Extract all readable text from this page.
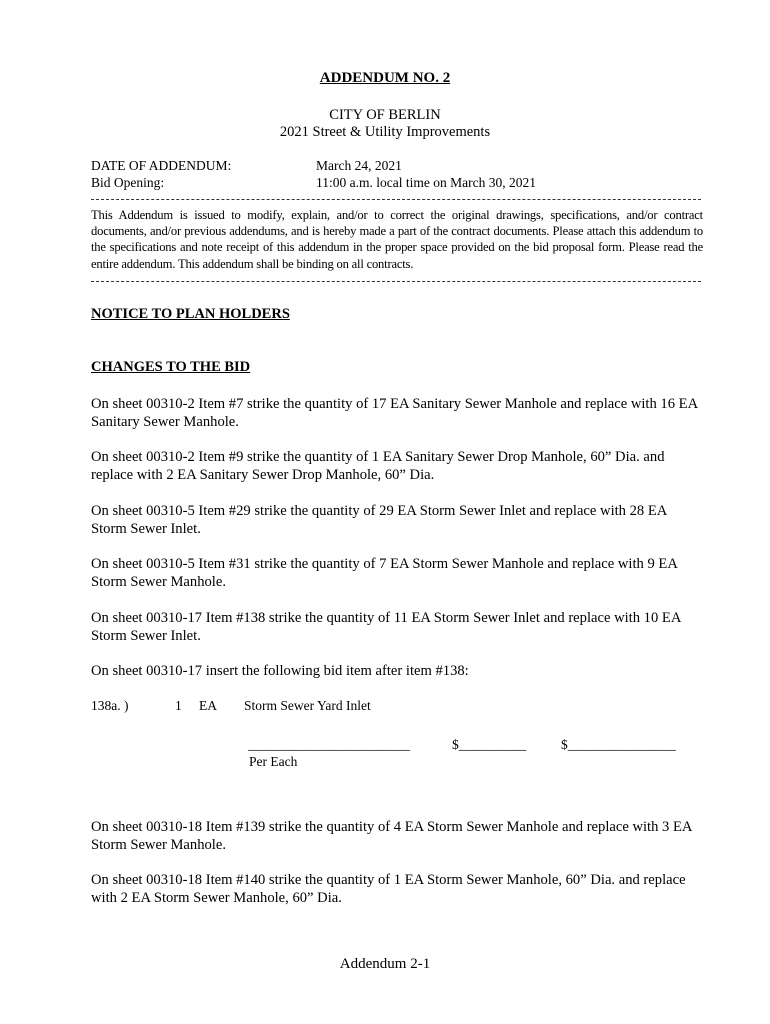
ADDENDUM NO. 2
CITY OF BERLIN
2021 Street & Utility Improvements
DATE OF ADDENDUM:	March 24, 2021
Bid Opening:	11:00 a.m. local time on March 30, 2021
This Addendum is issued to modify, explain, and/or to correct the original drawings, specifications, and/or contract documents, and/or previous addendums, and is hereby made a part of the contract documents. Please attach this addendum to the specifications and note receipt of this addendum in the proper space provided on the bid proposal form. Please read the entire addendum. This addendum shall be binding on all contracts.
NOTICE TO PLAN HOLDERS
CHANGES TO THE BID
On sheet 00310-2 Item #7 strike the quantity of 17 EA Sanitary Sewer Manhole and replace with 16 EA Sanitary Sewer Manhole.
On sheet 00310-2 Item #9 strike the quantity of 1 EA Sanitary Sewer Drop Manhole, 60” Dia. and replace with 2 EA Sanitary Sewer Drop Manhole, 60” Dia.
On sheet 00310-5 Item #29 strike the quantity of 29 EA Storm Sewer Inlet and replace with 28 EA Storm Sewer Inlet.
On sheet 00310-5 Item #31 strike the quantity of 7 EA Storm Sewer Manhole and replace with 9 EA Storm Sewer Manhole.
On sheet 00310-17 Item #138 strike the quantity of 11 EA Storm Sewer Inlet and replace with 10 EA Storm Sewer Inlet.
On sheet 00310-17 insert the following bid item after item #138:
138a. )	1 EA Storm Sewer Yard Inlet
________________________	$__________	$________________
Per Each
On sheet 00310-18 Item #139 strike the quantity of 4 EA Storm Sewer Manhole and replace with 3 EA Storm Sewer Manhole.
On sheet 00310-18 Item #140 strike the quantity of 1 EA Storm Sewer Manhole, 60” Dia. and replace with 2 EA Storm Sewer Manhole, 60” Dia.
Addendum 2-1
